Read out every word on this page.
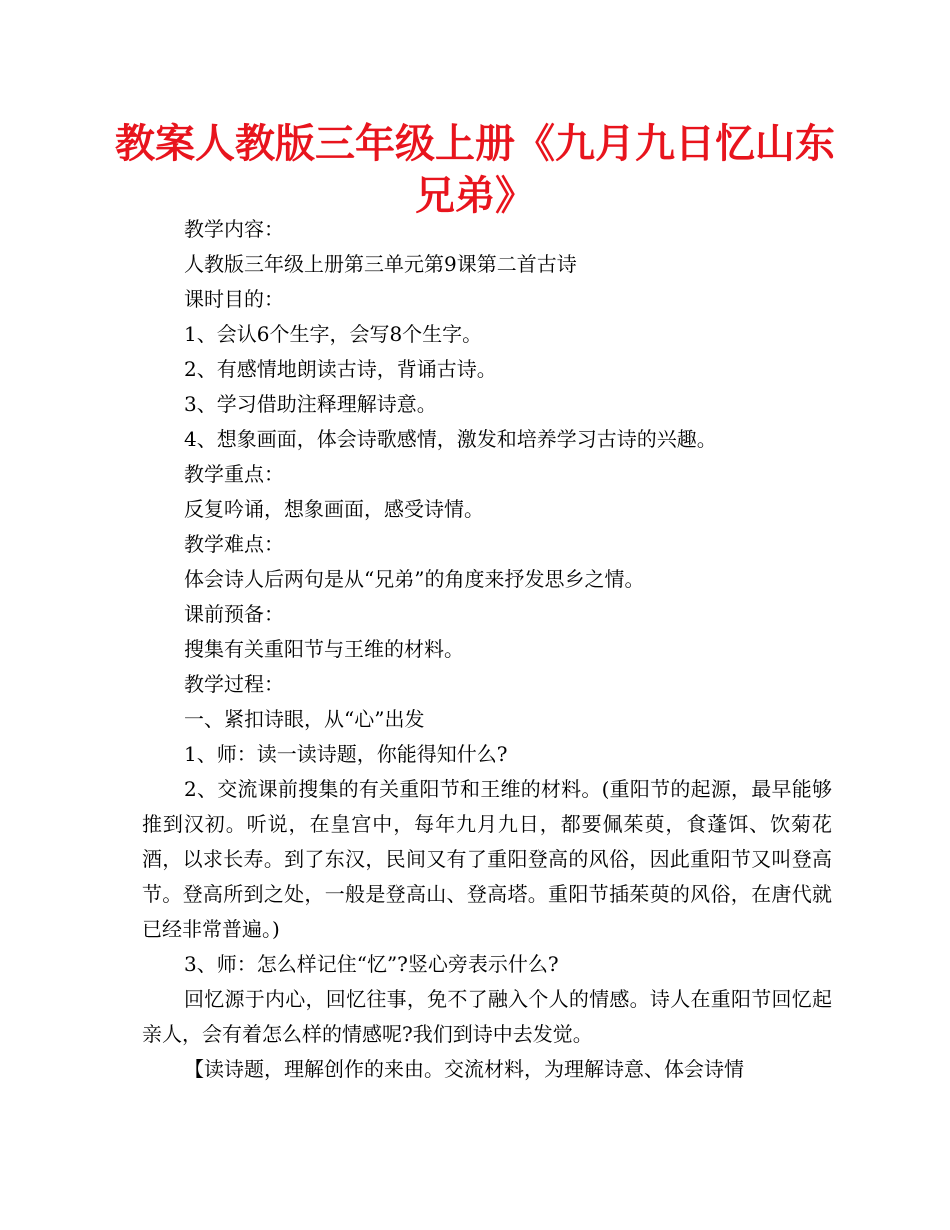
教案人教版三年级上册《九月九日忆山东
兄弟》

教学内容：

人教版三年级上册第三单元第9课第二首古诗

课时目的：

1、会认6个生字，会写8个生字。

2、有感情地朗读古诗，背诵古诗。

3、学习借助注释理解诗意。

4、想象画面，体会诗歌感情，激发和培养学习古诗的兴趣。

教学重点：

反复吟诵，想象画面，感受诗情。

教学难点：

体会诗人后两句是从“兄弟”的角度来抒发思乡之情。

课前预备：

搜集有关重阳节与王维的材料。

教学过程：

一、紧扣诗眼，从“心”出发

1、师：读一读诗题，你能得知什么?

2、交流课前搜集的有关重阳节和王维的材料。(重阳节的起源，最早能够推到汉初。听说，在皇宫中，每年九月九日，都要佩茱萸，食蓬饵、饮菊花酒，以求长寿。到了东汉，民间又有了重阳登高的风俗，因此重阳节又叫登高节。登高所到之处，一般是登高山、登高塔。重阳节插茱萸的风俗，在唐代就已经非常普遍。)

3、师：怎么样记住“忆”?竖心旁表示什么?

回忆源于内心，回忆往事，免不了融入个人的情感。诗人在重阳节回忆起亲人，会有着怎么样的情感呢?我们到诗中去发觉。

【读诗题，理解创作的来由。交流材料，为理解诗意、体会诗情
